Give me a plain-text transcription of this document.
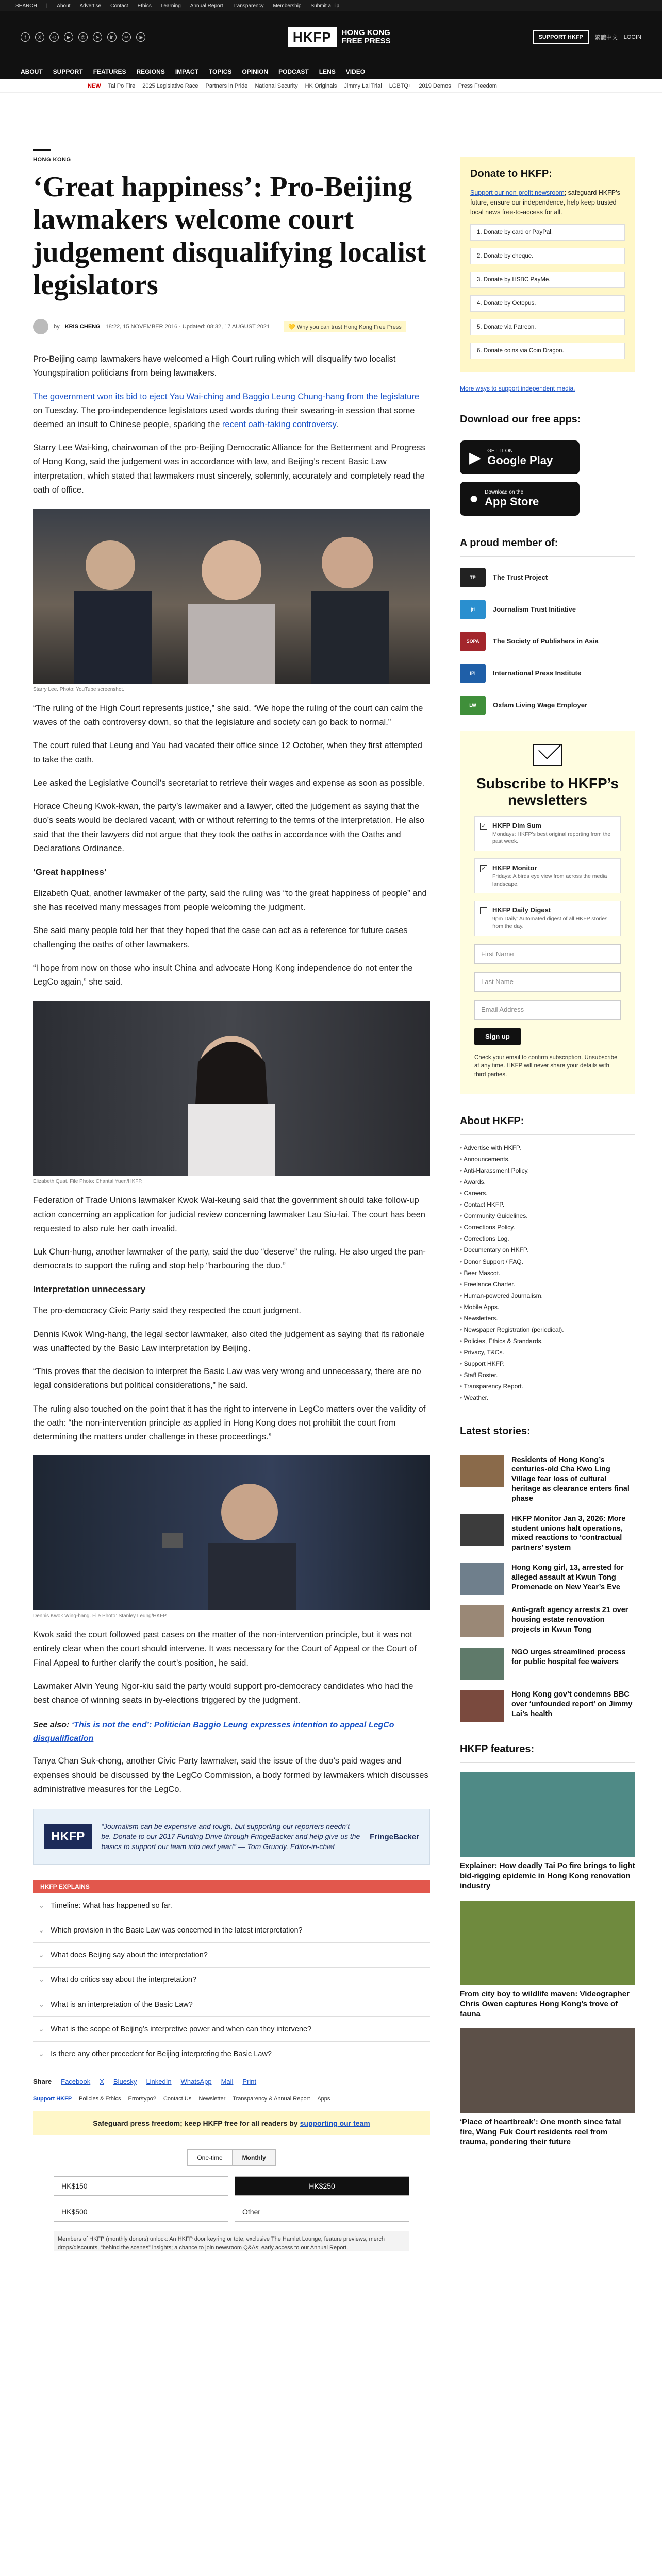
SEARCH | About Advertise Contact Ethics Learning Annual Report Transparency Membership Submit a Tip
f	X	◎	▶	@	➤	in	✉	◉	HKFP	HONG KONG
FREE PRESS	SUPPORT HKFP	繁體中文 LOGIN
ABOUT SUPPORT FEATURES REGIONS IMPACT TOPICS OPINION PODCAST LENS VIDEO
NEW Tai Po Fire 2025 Legislative Race Partners in Pride National Security HK Originals Jimmy Lai Trial LGBTQ+ 2019 Demos Press Freedom
HONG KONG
‘Great happiness’: Pro-Beijing lawmakers welcome court judgement disqualifying localist legislators
by KRIS CHENG 18:22, 15 NOVEMBER 2016 · Updated: 08:32, 17 AUGUST 2021	💛 Why you can trust Hong Kong Free Press

Pro-Beijing camp lawmakers have welcomed a High Court ruling which will disqualify two localist Youngspiration politicians from being lawmakers.

The government won its bid to eject Yau Wai-ching and Baggio Leung Chung-hang from the legislature on Tuesday. The pro-independence legislators used words during their swearing-in session that some deemed an insult to Chinese people, sparking the recent oath-taking controversy.

Starry Lee Wai-king, chairwoman of the pro-Beijing Democratic Alliance for the Betterment and Progress of Hong Kong, said the judgement was in accordance with law, and Beijing’s recent Basic Law interpretation, which stated that lawmakers must sincerely, solemnly, accurately and completely read the oath of office.

Starry Lee. Photo: YouTube screenshot.

“The ruling of the High Court represents justice,” she said. “We hope the ruling of the court can calm the waves of the oath controversy down, so that the legislature and society can go back to normal.”

The court ruled that Leung and Yau had vacated their office since 12 October, when they first attempted to take the oath.

Lee asked the Legislative Council’s secretariat to retrieve their wages and expense as soon as possible.

Horace Cheung Kwok-kwan, the party’s lawmaker and a lawyer, cited the judgement as saying that the duo’s seats would be declared vacant, with or without referring to the terms of the interpretation. He also said that the their lawyers did not argue that they took the oaths in accordance with the Oaths and Declarations Ordinance.

‘Great happiness’

Elizabeth Quat, another lawmaker of the party, said the ruling was “to the great happiness of people” and she has received many messages from people welcoming the judgment.

She said many people told her that they hoped that the case can act as a reference for future cases challenging the oaths of other lawmakers.

“I hope from now on those who insult China and advocate Hong Kong independence do not enter the LegCo again,” she said.

Elizabeth Quat. File Photo: Chantal Yuen/HKFP.

Federation of Trade Unions lawmaker Kwok Wai-keung said that the government should take follow-up action concerning an application for judicial review concerning lawmaker Lau Siu-lai. The court has been requested to also rule her oath invalid.

Luk Chun-hung, another lawmaker of the party, said the duo “deserve” the ruling. He also urged the pan-democrats to support the ruling and stop help “harbouring the duo.”

Interpretation unnecessary

The pro-democracy Civic Party said they respected the court judgment.

Dennis Kwok Wing-hang, the legal sector lawmaker, also cited the judgement as saying that its rationale was unaffected by the Basic Law interpretation by Beijing.

“This proves that the decision to interpret the Basic Law was very wrong and unnecessary, there are no legal considerations but political considerations,” he said.

The ruling also touched on the point that it has the right to intervene in LegCo matters over the validity of the oath: “the non-intervention principle as applied in Hong Kong does not prohibit the court from determining the matters under challenge in these proceedings.”

Dennis Kwok Wing-hang. File Photo: Stanley Leung/HKFP.

Kwok said the court followed past cases on the matter of the non-intervention principle, but it was not entirely clear when the court should intervene. It was necessary for the Court of Appeal or the Court of Final Appeal to further clarify the court’s position, he said.

Lawmaker Alvin Yeung Ngor-kiu said the party would support pro-democracy candidates who had the best chance of winning seats in by-elections triggered by the judgment.

See also: ‘This is not the end’: Politician Baggio Leung expresses intention to appeal LegCo disqualification

Tanya Chan Suk-chong, another Civic Party lawmaker, said the issue of the duo’s paid wages and expenses should be discussed by the LegCo Commission, a body formed by lawmakers which discusses administrative measures for the LegCo.

HKFP
“Journalism can be expensive and tough, but supporting our reporters needn’t be. Donate to our 2017 Funding Drive through FringeBacker and help give us the basics to support our team into next year!” — Tom Grundy, Editor-in-chief
FringeBacker
HKFP EXPLAINS
⌄ Timeline: What has happened so far.
⌄ Which provision in the Basic Law was concerned in the latest interpretation?
⌄ What does Beijing say about the interpretation?
⌄ What do critics say about the interpretation?
⌄ What is an interpretation of the Basic Law?
⌄ What is the scope of Beijing’s interpretive power and when can they intervene?
⌄ Is there any other precedent for Beijing interpreting the Basic Law?
Share Facebook X Bluesky LinkedIn WhatsApp Mail Print
Support HKFP Policies & Ethics Error/typo? Contact Us Newsletter Transparency & Annual Report Apps
Safeguard press freedom; keep HKFP free for all readers by supporting our team
One-time	Monthly
HK$150	HK$250
HK$500	Other
Members of HKFP (monthly donors) unlock: An HKFP door keyring or tote, exclusive The Hamlet Lounge, feature previews, merch drops/discounts, “behind the scenes” insights; a chance to join newsroom Q&As; early access to our Annual Report.
Donate to HKFP:
Support our non-profit newsroom; safeguard HKFP’s future, ensure our independence, help keep trusted local news free-to-access for all.
1. Donate by card or PayPal.
2. Donate by cheque.
3. Donate by HSBC PayMe.
4. Donate by Octopus.
5. Donate via Patreon.
6. Donate coins via Coin Dragon.
More ways to support independent media.
Download our free apps:
▶ GET IT ON
Google Play
● Download on the
App Store
A proud member of:
TP	The Trust Project
jti	Journalism Trust Initiative
SOPA	The Society of Publishers in Asia
IPI	International Press Institute
LW	Oxfam Living Wage Employer
Subscribe to HKFP’s newsletters
✓ HKFP Dim Sum
Mondays: HKFP’s best original reporting from the past week.
✓ HKFP Monitor
Fridays: A birds eye view from across the media landscape.
HKFP Daily Digest
9pm Daily: Automated digest of all HKFP stories from the day.
First Name
Last Name
Email Address
Sign up
Check your email to confirm subscription. Unsubscribe at any time. HKFP will never share your details with third parties.
About HKFP:
• Advertise with HKFP.
• Announcements.
• Anti-Harassment Policy.
• Awards.
• Careers.
• Contact HKFP.
• Community Guidelines.
• Corrections Policy.
• Corrections Log.
• Documentary on HKFP.
• Donor Support / FAQ.
• Beer Mascot.
• Freelance Charter.
• Human-powered Journalism.
• Mobile Apps.
• Newsletters.
• Newspaper Registration (periodical).
• Policies, Ethics & Standards.
• Privacy, T&Cs.
• Support HKFP.
• Staff Roster.
• Transparency Report.
• Weather.
Latest stories:
Residents of Hong Kong’s centuries-old Cha Kwo Ling Village fear loss of cultural heritage as clearance enters final phase
HKFP Monitor Jan 3, 2026: More student unions halt operations, mixed reactions to ‘contractual partners’ system
Hong Kong girl, 13, arrested for alleged assault at Kwun Tong Promenade on New Year’s Eve
Anti-graft agency arrests 21 over housing estate renovation projects in Kwun Tong
NGO urges streamlined process for public hospital fee waivers
Hong Kong gov’t condemns BBC over ‘unfounded report’ on Jimmy Lai’s health
HKFP features:
Explainer: How deadly Tai Po fire brings to light bid-rigging epidemic in Hong Kong renovation industry
From city boy to wildlife maven: Videographer Chris Owen captures Hong Kong’s trove of fauna
‘Place of heartbreak’: One month since fatal fire, Wang Fuk Court residents reel from trauma, pondering their future
